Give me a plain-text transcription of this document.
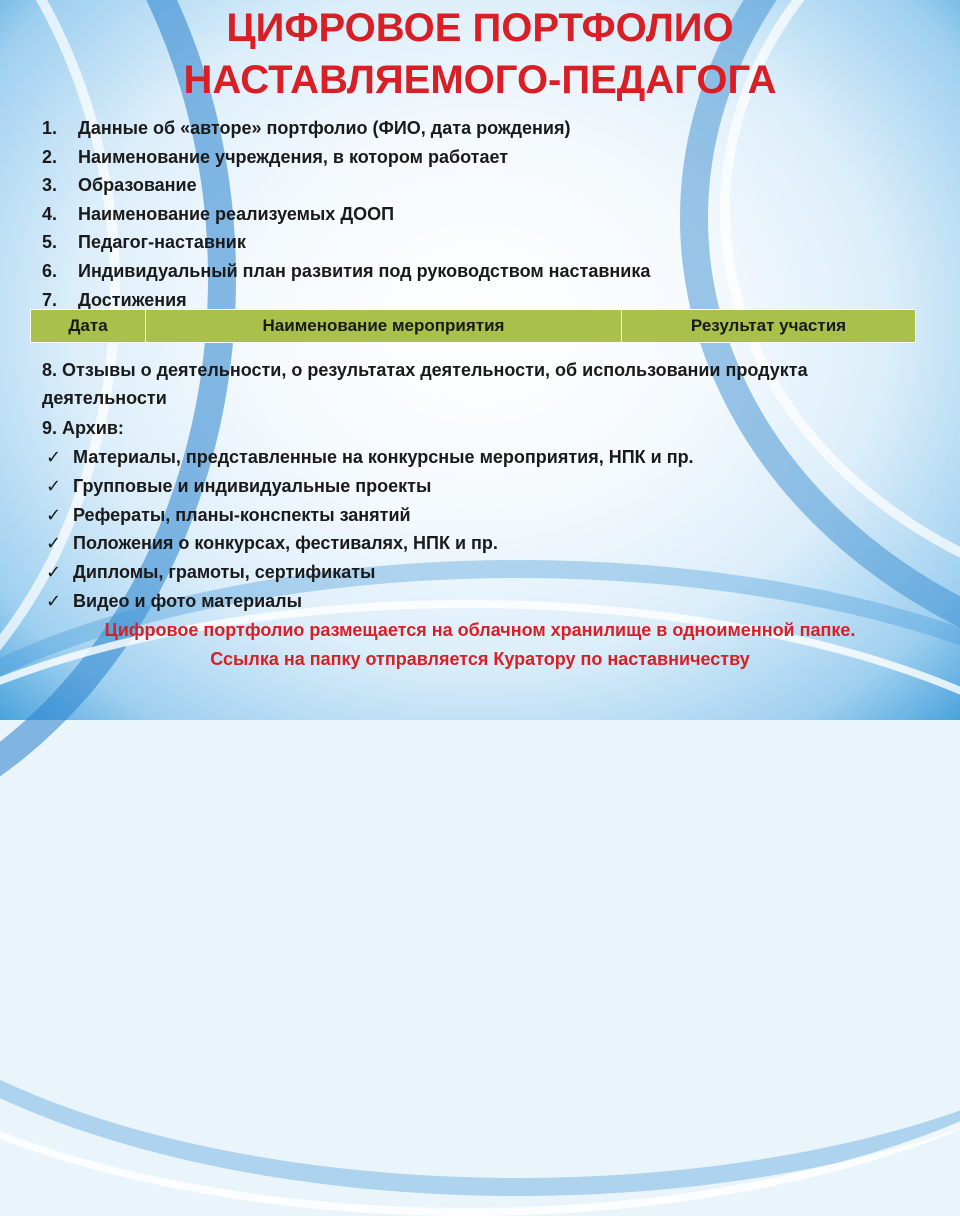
ЦИФРОВОЕ ПОРТФОЛИО
НАСТАВЛЯЕМОГО-ПЕДАГОГА
1. Данные об «авторе» портфолио (ФИО, дата рождения)
2. Наименование учреждения, в котором работает
3. Образование
4. Наименование реализуемых ДООП
5. Педагог-наставник
6. Индивидуальный план развития под руководством наставника
7. Достижения
Дата	Наименование мероприятия	Результат участия
8. Отзывы о деятельности, о результатах деятельности, об использовании продукта деятельности
9. Архив:
✓ Материалы, представленные на конкурсные мероприятия, НПК и пр.
✓ Групповые и индивидуальные проекты
✓ Рефераты, планы-конспекты занятий
✓ Положения о конкурсах, фестивалях, НПК и пр.
✓ Дипломы, грамоты, сертификаты
✓ Видео и фото материалы
Цифровое портфолио размещается на облачном хранилище в одноименной папке.
Ссылка на папку отправляется Куратору по наставничеству
